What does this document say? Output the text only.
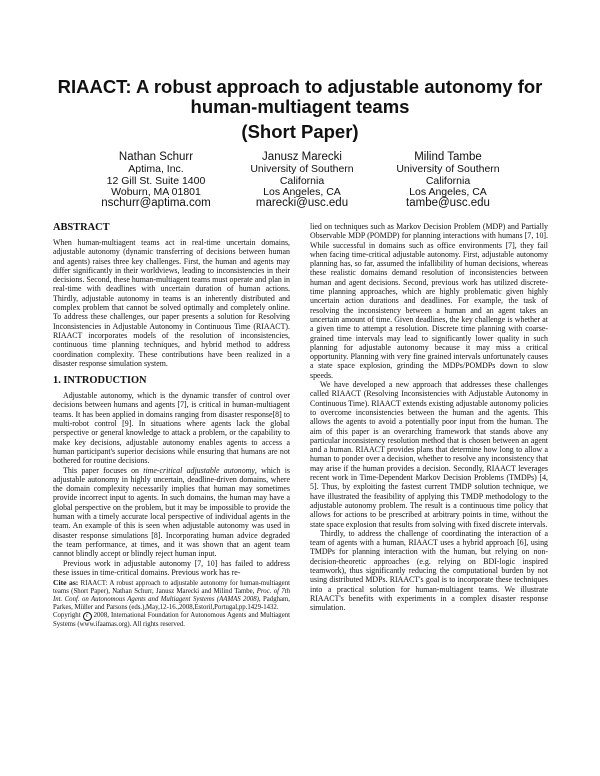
RIAACT: A robust approach to adjustable autonomy for
human-multiagent teams
(Short Paper)
Nathan Schurr
Aptima, Inc.
12 Gill St. Suite 1400
Woburn, MA 01801
nschurr@aptima.com
Janusz Marecki
University of Southern
California
Los Angeles, CA
marecki@usc.edu
Milind Tambe
University of Southern
California
Los Angeles, CA
tambe@usc.edu
ABSTRACT

When human-multiagent teams act in real-time uncertain domains, adjustable autonomy (dynamic transferring of decisions between human and agents) raises three key challenges. First, the human and agents may differ significantly in their worldviews, leading to inconsistencies in their decisions. Second, these human-multiagent teams must operate and plan in real-time with deadlines with uncertain duration of human actions. Thirdly, adjustable autonomy in teams is an inherently distributed and complex problem that cannot be solved optimally and completely online. To address these challenges, our paper presents a solution for Resolving Inconsistencies in Adjustable Autonomy in Continuous Time (RIAACT). RIAACT incorporates models of the resolution of inconsistencies, continuous time planning techniques, and hybrid method to address coordination complexity. These contributions have been realized in a disaster response simulation system.

1. INTRODUCTION

Adjustable autonomy, which is the dynamic transfer of control over decisions between humans and agents [7], is critical in human-multiagent teams. It has been applied in domains ranging from disaster response[8] to multi-robot control [9]. In situations where agents lack the global perspective or general knowledge to attack a problem, or the capability to make key decisions, adjustable autonomy enables agents to access a human participant's superior decisions while ensuring that humans are not bothered for routine decisions.

This paper focuses on time-critical adjustable autonomy, which is adjustable autonomy in highly uncertain, deadline-driven domains, where the domain complexity necessarily implies that human may sometimes provide incorrect input to agents. In such domains, the human may have a global perspective on the problem, but it may be impossible to provide the human with a timely accurate local perspective of individual agents in the team. An example of this is seen when adjustable autonomy was used in disaster response simulations [8]. Incorporating human advice degraded the team performance, at times, and it was shown that an agent team cannot blindly accept or blindly reject human input.

Previous work in adjustable autonomy [7, 10] has failed to address these issues in time-critical domains. Previous work has re-

Cite as: RIAACT: A robust approach to adjustable autonomy for human-multiagent teams (Short Paper), Nathan Schurr, Janusz Marecki and Milind Tambe, Proc. of 7th Int. Conf. on Autonomous Agents and Multiagent Systems (AAMAS 2008), Padgham, Parkes, Müller and Parsons (eds.),May,12-16.,2008,Estoril,Portugal,pp.1429-1432.
Copyright c 2008, International Foundation for Autonomous Agents and Multiagent Systems (www.ifaamas.org). All rights reserved.

lied on techniques such as Markov Decision Problem (MDP) and Partially Observable MDP (POMDP) for planning interactions with humans [7, 10]. While successful in domains such as office environments [7], they fail when facing time-critical adjustable autonomy. First, adjustable autonomy planning has, so far, assumed the infallibility of human decisions, whereas these realistic domains demand resolution of inconsistencies between human and agent decisions. Second, previous work has utilized discrete-time planning approaches, which are highly problematic given highly uncertain action durations and deadlines. For example, the task of resolving the inconsistency between a human and an agent takes an uncertain amount of time. Given deadlines, the key challenge is whether at a given time to attempt a resolution. Discrete time planning with coarse-grained time intervals may lead to significantly lower quality in such planning for adjustable autonomy because it may miss a critical opportunity. Planning with very fine grained intervals unfortunately causes a state space explosion, grinding the MDPs/POMDPs down to slow speeds.

We have developed a new approach that addresses these challenges called RIAACT (Resolving Inconsistencies with Adjustable Autonomy in Continuous Time). RIAACT extends existing adjustable autonomy policies to overcome inconsistencies between the human and the agents. This allows the agents to avoid a potentially poor input from the human. The aim of this paper is an overarching framework that stands above any particular inconsistency resolution method that is chosen between an agent and a human. RIAACT provides plans that determine how long to allow a human to ponder over a decision, whether to resolve any inconsistency that may arise if the human provides a decision. Secondly, RIAACT leverages recent work in Time-Dependent Markov Decision Problems (TMDPs) [4, 5]. Thus, by exploiting the fastest current TMDP solution technique, we have illustrated the feasibility of applying this TMDP methodology to the adjustable autonomy problem. The result is a continuous time policy that allows for actions to be prescribed at arbitrary points in time, without the state space explosion that results from solving with fixed discrete intervals.

Thirdly, to address the challenge of coordinating the interaction of a team of agents with a human, RIAACT uses a hybrid approach [6], using TMDPs for planning interaction with the human, but relying on non-decision-theoretic approaches (e.g. relying on BDI-logic inspired teamwork), thus significantly reducing the computational burden by not using distributed MDPs. RIAACT's goal is to incorporate these techniques into a practical solution for human-multiagent teams. We illustrate RIAACT's benefits with experiments in a complex disaster response simulation.
